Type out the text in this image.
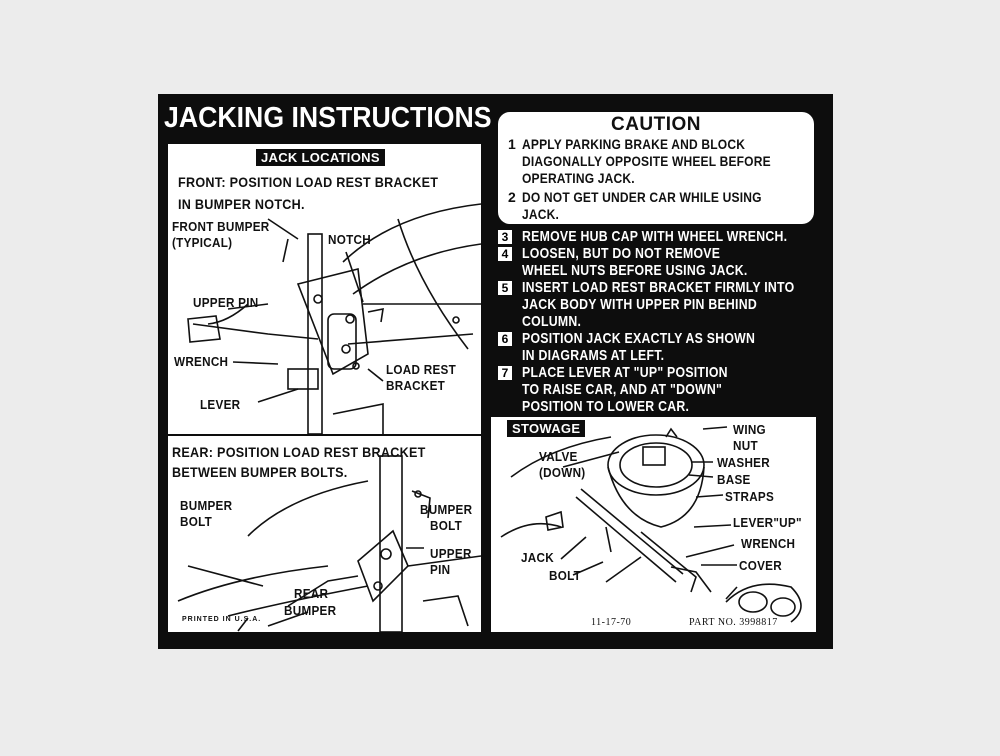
JACKING INSTRUCTIONS
JACK LOCATIONS
FRONT: POSITION LOAD REST BRACKET
IN BUMPER NOTCH.
FRONT BUMPER
(TYPICAL)	NOTCH
UPPER PIN
WRENCH
LOAD REST
BRACKET
LEVER
REAR: POSITION LOAD REST BRACKET
BETWEEN BUMPER BOLTS.
BUMPER
BOLT
BUMPER
BOLT
UPPER
PIN
REAR
BUMPER
PRINTED IN U.S.A.
CAUTION
1 APPLY PARKING BRAKE AND BLOCK
DIAGONALLY OPPOSITE WHEEL BEFORE
OPERATING JACK.
2 DO NOT GET UNDER CAR WHILE USING
JACK.
3 REMOVE HUB CAP WITH WHEEL WRENCH.
4 LOOSEN, BUT DO NOT REMOVE
WHEEL NUTS BEFORE USING JACK.
5 INSERT LOAD REST BRACKET FIRMLY INTO
JACK BODY WITH UPPER PIN BEHIND
COLUMN.
6 POSITION JACK EXACTLY AS SHOWN
IN DIAGRAMS AT LEFT.
7 PLACE LEVER AT "UP" POSITION
TO RAISE CAR, AND AT "DOWN"
POSITION TO LOWER CAR.
STOWAGE	WING
NUT
VALVE
(DOWN)
WASHER
BASE
STRAPS
LEVER"UP"
WRENCH
JACK
BOLT
COVER
11-17-70	PART NO. 3998817
